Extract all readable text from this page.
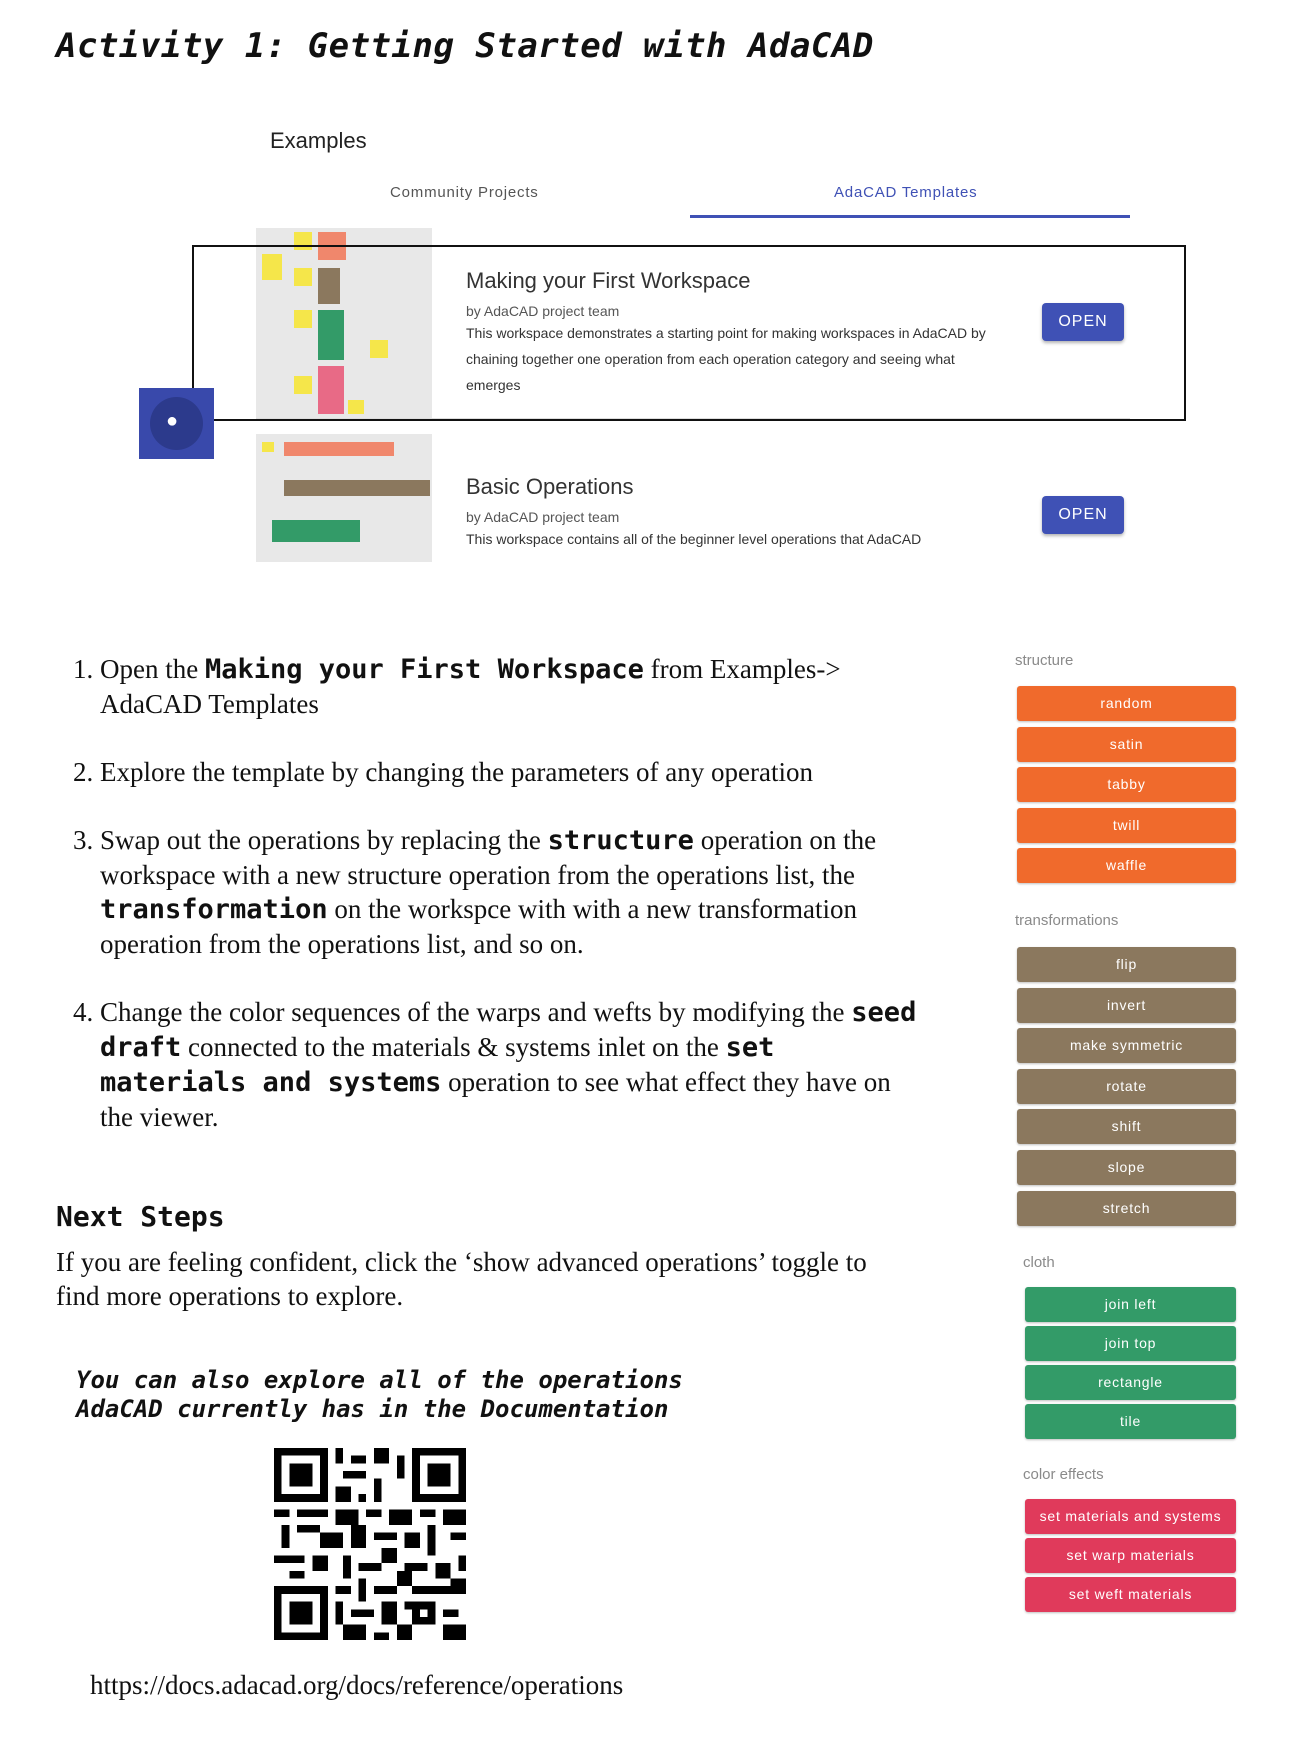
Activity 1: Getting Started with AdaCAD
Examples
Community Projects	AdaCAD Templates
Making your First Workspace
by AdaCAD project team
This workspace demonstrates a starting point for making workspaces in AdaCAD by chaining together one operation from each operation category and seeing what emerges
OPEN
●
Basic Operations
by AdaCAD project team
This workspace contains all of the beginner level operations that AdaCAD
OPEN
1. Open the Making your First Workspace from Examples-> AdaCAD Templates
2. Explore the template by changing the parameters of any operation
3. Swap out the operations by replacing the structure operation on the workspace with a new structure operation from the operations list, the transformation on the workspce with with a new transformation operation from the operations list, and so on.
4. Change the color sequences of the warps and wefts by modifying the seed draft connected to the materials & systems inlet on the set materials and systems operation to see what effect they have on the viewer.
Next Steps
If you are feeling confident, click the ‘show advanced operations’ toggle to find more operations to explore.
You can also explore all of the operations
AdaCAD currently has in the Documentation
https://docs.adacad.org/docs/reference/operations
structure
random
satin
tabby
twill
waffle
transformations
flip
invert
make symmetric
rotate
shift
slope
stretch
cloth
join left
join top
rectangle
tile
color effects
set materials and systems
set warp materials
set weft materials
